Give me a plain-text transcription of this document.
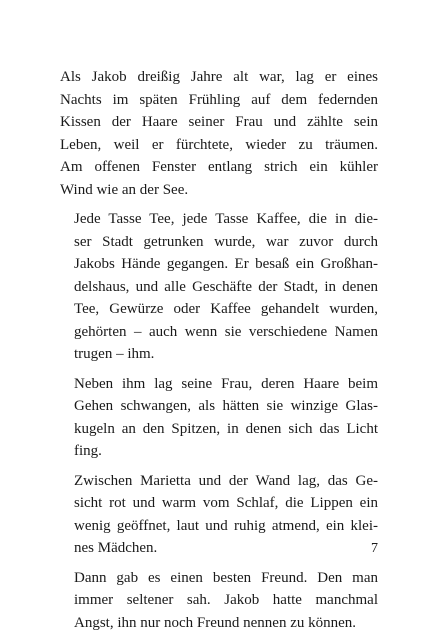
Als Jakob dreißig Jahre alt war, lag er eines
Nachts im späten Frühling auf dem federnden
Kissen der Haare seiner Frau und zählte sein
Leben, weil er fürchtete, wieder zu träumen.
Am offenen Fenster entlang strich ein kühler
Wind wie an der See.

Jede Tasse Tee, jede Tasse Kaffee, die in die-
ser Stadt getrunken wurde, war zuvor durch
Jakobs Hände gegangen. Er besaß ein Großhan-
delshaus, und alle Geschäfte der Stadt, in denen
Tee, Gewürze oder Kaffee gehandelt wurden,
gehörten – auch wenn sie verschiedene Namen
trugen – ihm.

Neben ihm lag seine Frau, deren Haare beim
Gehen schwangen, als hätten sie winzige Glas-
kugeln an den Spitzen, in denen sich das Licht
fing.

Zwischen Marietta und der Wand lag, das Ge-
sicht rot und warm vom Schlaf, die Lippen ein
wenig geöffnet, laut und ruhig atmend, ein klei-
nes Mädchen.

Dann gab es einen besten Freund. Den man
immer seltener sah. Jakob hatte manchmal
Angst, ihn nur noch Freund nennen zu können.

7
